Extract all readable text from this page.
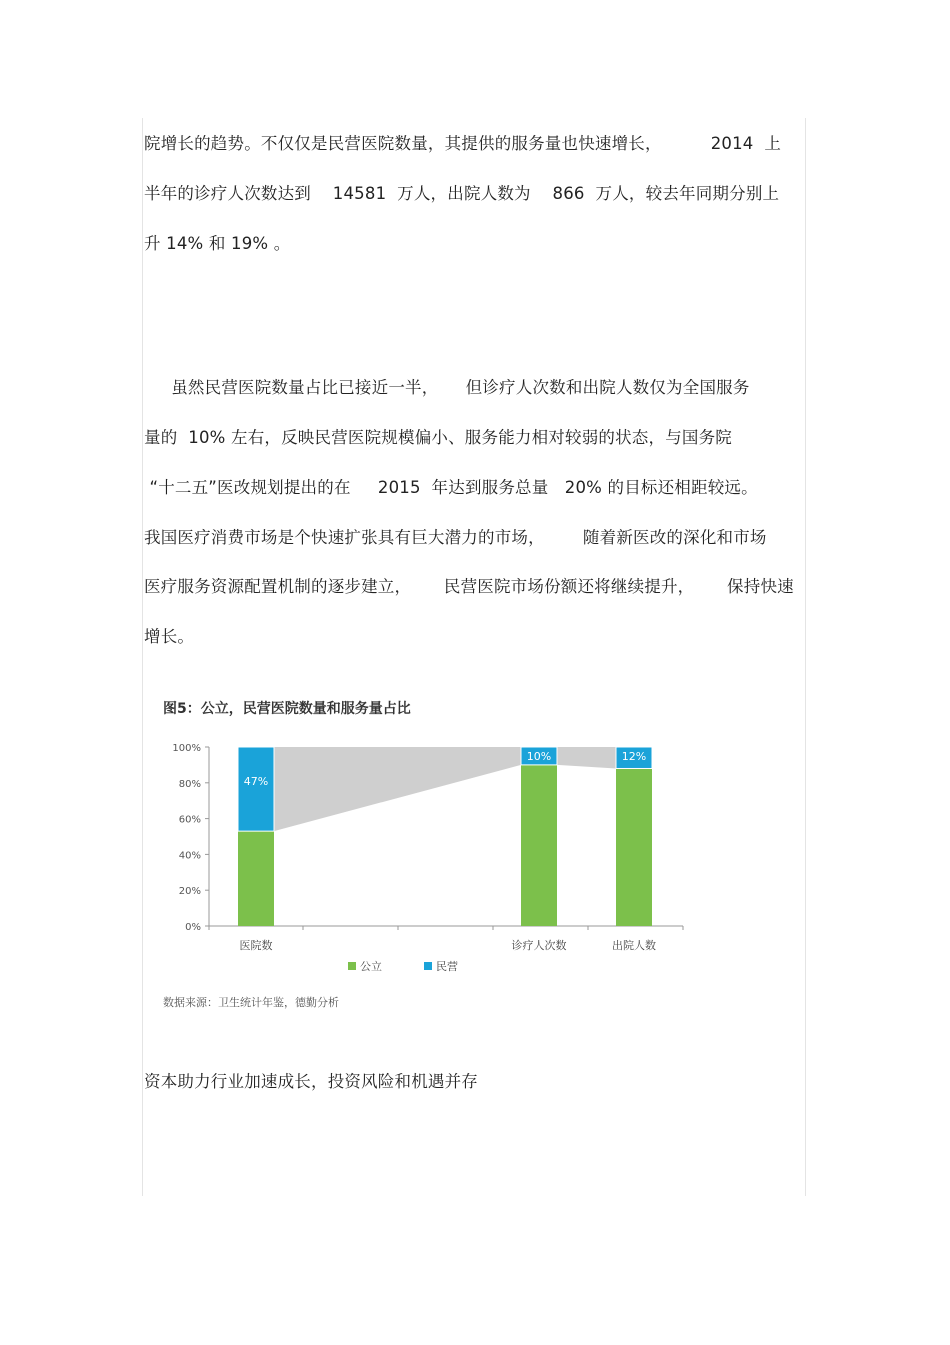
院增长的趋势。不仅仅是民营医院数量，其提供的服务量也快速增长，         2014  上
半年的诊疗人次数达到    14581  万人，出院人数为    866  万人，较去年同期分别上
升 14% 和 19% 。
虽然民营医院数量占比已接近一半，     但诊疗人次数和出院人数仅为全国服务
量的  10% 左右，反映民营医院规模偏小、服务能力相对较弱的状态，与国务院
“十二五”医改规划提出的在     2015  年达到服务总量   20% 的目标还相距较远。
我国医疗消费市场是个快速扩张具有巨大潜力的市场，       随着新医改的深化和市场
医疗服务资源配置机制的逐步建立，      民营医院市场份额还将继续提升，      保持快速
增长。
图5：公立，民营医院数量和服务量占比
0%
20%
40%
60%
80%
100%
47%
医院数
10%
诊疗人次数
12%
出院人数
公立	民营
数据来源：卫生统计年鉴，德勤分析
资本助力行业加速成长，投资风险和机遇并存
